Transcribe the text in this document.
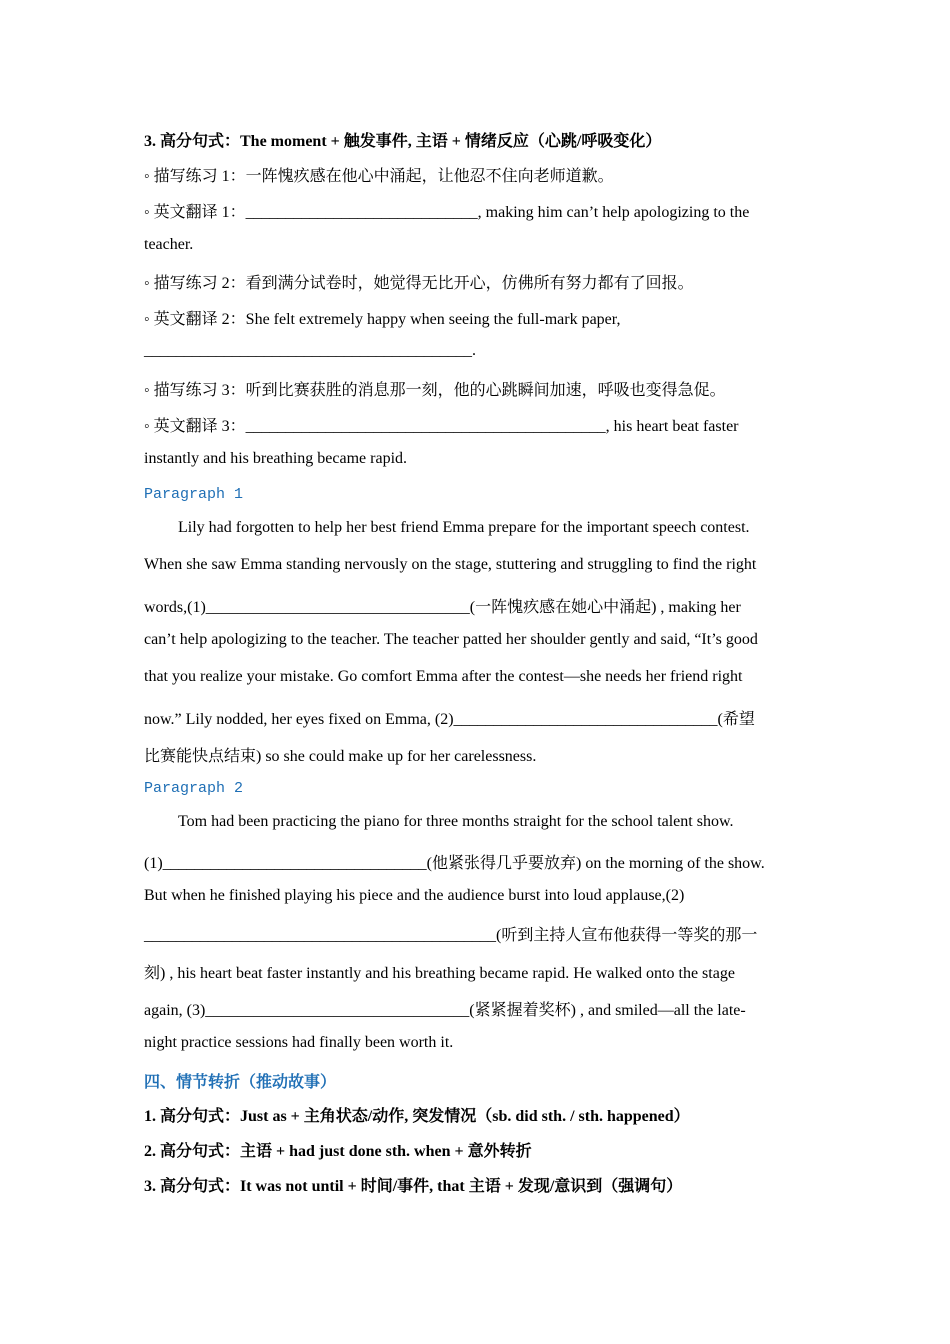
3. 高分句式：The moment + 触发事件, 主语 + 情绪反应（心跳/呼吸变化）
◦ 描写练习 1：一阵愧疚感在他心中涌起，让他忍不住向老师道歉。
◦ 英文翻译 1：_____________________________, making him can’t help apologizing to the
teacher.
◦ 描写练习 2：看到满分试卷时，她觉得无比开心，仿佛所有努力都有了回报。
◦ 英文翻译 2：She felt extremely happy when seeing the full-mark paper,
_________________________________________.
◦ 描写练习 3：听到比赛获胜的消息那一刻，他的心跳瞬间加速，呼吸也变得急促。
◦ 英文翻译 3：_____________________________________________, his heart beat faster
instantly and his breathing became rapid.
Paragraph 1
Lily had forgotten to help her best friend Emma prepare for the important speech contest.
When she saw Emma standing nervously on the stage, stuttering and struggling to find the right
words,(1)_________________________________(一阵愧疚感在她心中涌起) , making her
can’t help apologizing to the teacher. The teacher patted her shoulder gently and said, “It’s good
that you realize your mistake. Go comfort Emma after the contest—she needs her friend right
now.” Lily nodded, her eyes fixed on Emma, (2)_________________________________(希望
比赛能快点结束) so she could make up for her carelessness.
Paragraph 2
Tom had been practicing the piano for three months straight for the school talent show.
(1)_________________________________(他紧张得几乎要放弃) on the morning of the show.
But when he finished playing his piece and the audience burst into loud applause,(2)
____________________________________________(听到主持人宣布他获得一等奖的那一
刻) , his heart beat faster instantly and his breathing became rapid. He walked onto the stage
again, (3)_________________________________(紧紧握着奖杯) , and smiled—all the late-
night practice sessions had finally been worth it.
四、情节转折（推动故事）
1. 高分句式：Just as + 主角状态/动作, 突发情况（sb. did sth. / sth. happened）
2. 高分句式：主语 + had just done sth. when + 意外转折
3. 高分句式：It was not until + 时间/事件, that 主语 + 发现/意识到（强调句）
